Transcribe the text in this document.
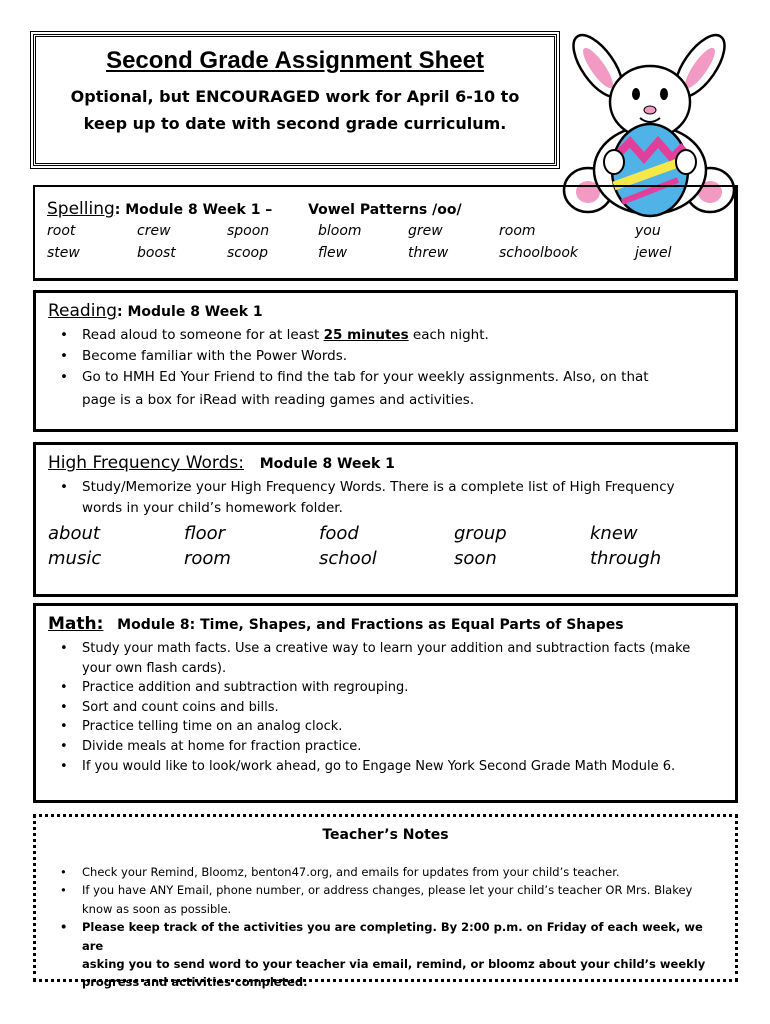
Second Grade Assignment Sheet
Optional, but ENCOURAGED work for April 6-10 to
keep up to date with second grade curriculum.
Spelling: Module 8 Week 1 –	Vowel Patterns /oo/
root	crew	spoon	bloom	grew	room	you
stew	boost	scoop	flew	threw	schoolbook	jewel
Reading: Module 8 Week 1
• Read aloud to someone for at least 25 minutes each night.
• Become familiar with the Power Words.
• Go to HMH Ed Your Friend to find the tab for your weekly assignments. Also, on that
page is a box for iRead with reading games and activities.
High Frequency Words: Module 8 Week 1
• Study/Memorize your High Frequency Words. There is a complete list of High Frequency
words in your child’s homework folder.
about	floor	food	group	knew
music	room	school	soon	through
Math: Module 8: Time, Shapes, and Fractions as Equal Parts of Shapes
• Study your math facts. Use a creative way to learn your addition and subtraction facts (make
your own flash cards).
• Practice addition and subtraction with regrouping.
• Sort and count coins and bills.
• Practice telling time on an analog clock.
• Divide meals at home for fraction practice.
• If you would like to look/work ahead, go to Engage New York Second Grade Math Module 6.
Teacher’s Notes
• Check your Remind, Bloomz, benton47.org, and emails for updates from your child’s teacher.
• If you have ANY Email, phone number, or address changes, please let your child’s teacher OR Mrs. Blakey
know as soon as possible.
• Please keep track of the activities you are completing. By 2:00 p.m. on Friday of each week, we are
asking you to send word to your teacher via email, remind, or bloomz about your child’s weekly
progress and activities completed.
